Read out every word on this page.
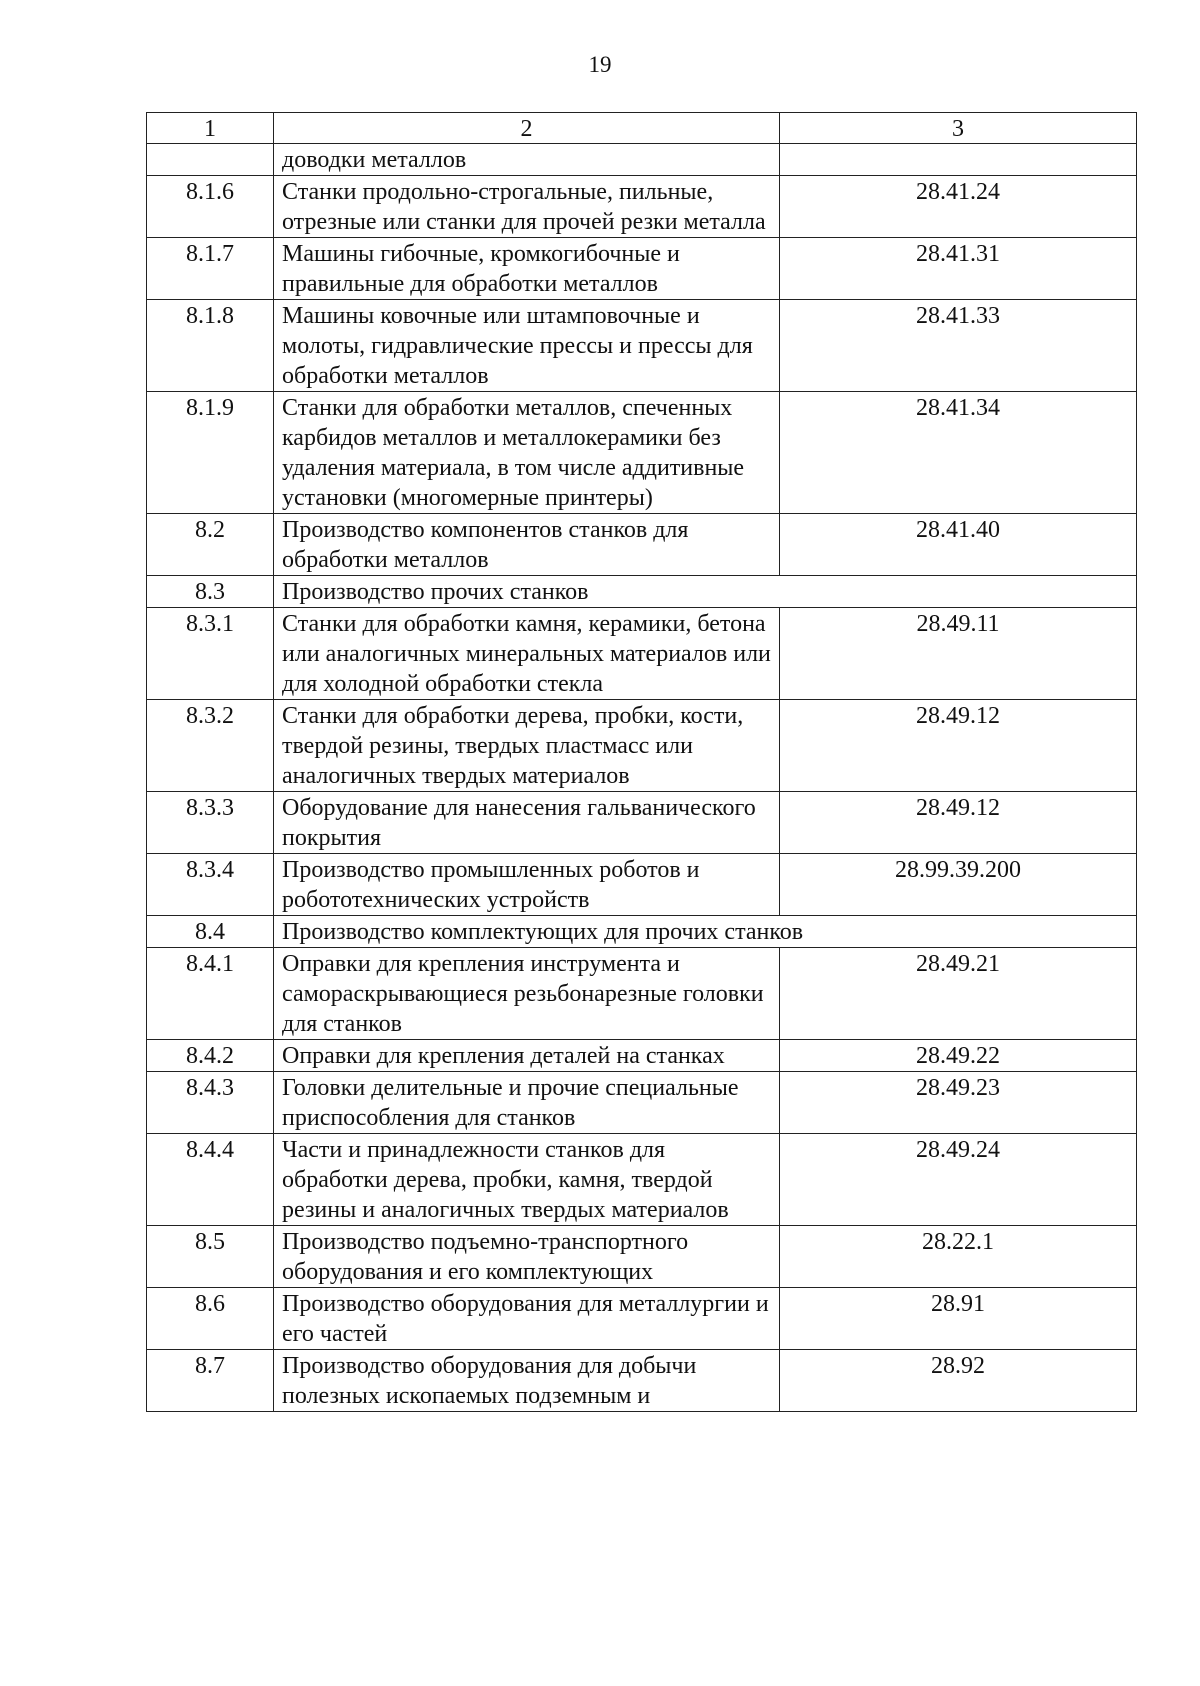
19
1	2	3
	доводки металлов	
8.1.6	Станки продольно-строгальные, пильные, отрезные или станки для прочей резки металла	28.41.24
8.1.7	Машины гибочные, кромкогибочные и правильные для обработки металлов	28.41.31
8.1.8	Машины ковочные или штамповочные и молоты, гидравлические прессы и прессы для обработки металлов	28.41.33
8.1.9	Станки для обработки металлов, спеченных карбидов металлов и металлокерамики без удаления материала, в том числе аддитивные установки (многомерные принтеры)	28.41.34
8.2	Производство компонентов станков для обработки металлов	28.41.40
8.3	Производство прочих станков	
8.3.1	Станки для обработки камня, керамики, бетона или аналогичных минеральных материалов или для холодной обработки стекла	28.49.11
8.3.2	Станки для обработки дерева, пробки, кости, твердой резины, твердых пластмасс или аналогичных твердых материалов	28.49.12
8.3.3	Оборудование для нанесения гальванического покрытия	28.49.12
8.3.4	Производство промышленных роботов и робототехнических устройств	28.99.39.200
8.4	Производство комплектующих для прочих станков	
8.4.1	Оправки для крепления инструмента и самораскрывающиеся резьбонарезные головки для станков	28.49.21
8.4.2	Оправки для крепления деталей на станках	28.49.22
8.4.3	Головки делительные и прочие специальные приспособления для станков	28.49.23
8.4.4	Части и принадлежности станков для обработки дерева, пробки, камня, твердой резины и аналогичных твердых материалов	28.49.24
8.5	Производство подъемно-транспортного оборудования и его комплектующих	28.22.1
8.6	Производство оборудования для металлургии и его частей	28.91
8.7	Производство оборудования для добычи полезных ископаемых подземным и	28.92
